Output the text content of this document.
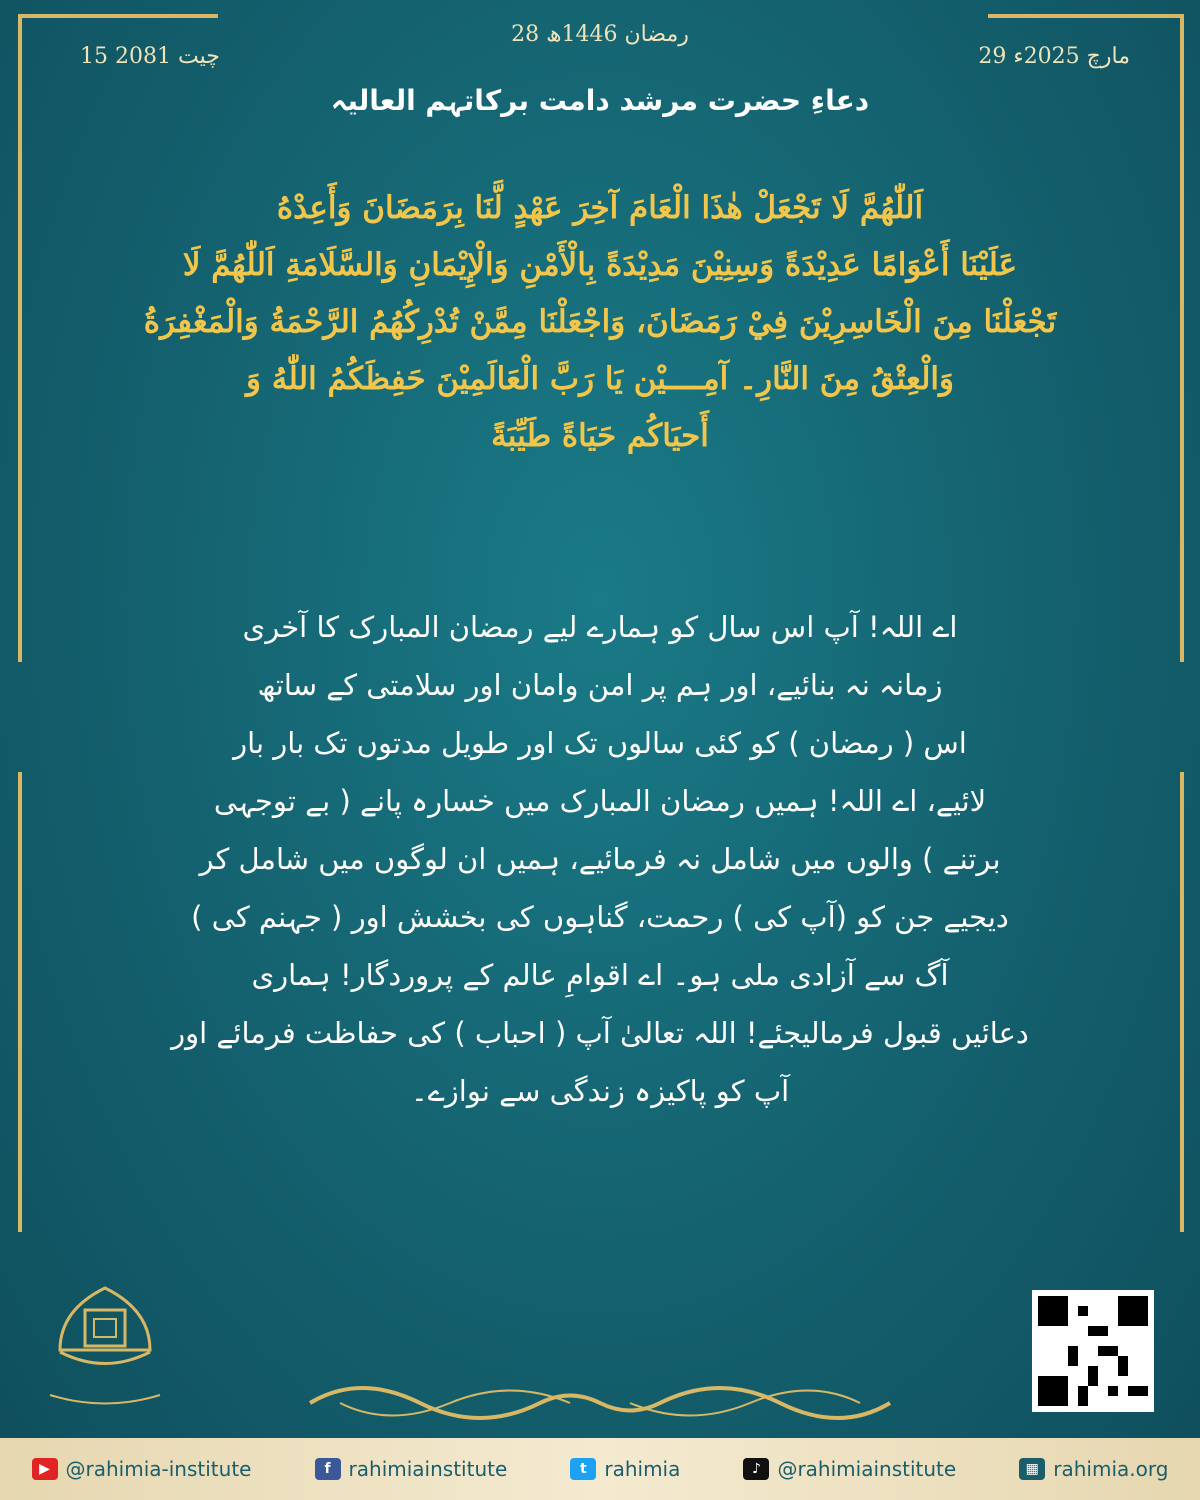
15 چیت 2081
28 رمضان 1446ھ
29 مارچ 2025ء
دعاءِ حضرت مرشد دامت برکاتہم العالیہ
اَللّٰهُمَّ لَا تَجْعَلْ هٰذَا الْعَامَ آخِرَ عَهْدٍ لَّنَا بِرَمَضَانَ وَأَعِدْهُ
عَلَيْنَا أَعْوَامًا عَدِيْدَةً وَسِنِيْنَ مَدِيْدَةً بِالْأَمْنِ وَالْإِيْمَانِ وَالسَّلَامَةِ اَللّٰهُمَّ لَا
تَجْعَلْنَا مِنَ الْخَاسِرِيْنَ فِيْ رَمَضَانَ، وَاجْعَلْنَا مِمَّنْ تُدْرِكُهُمُ الرَّحْمَةُ وَالْمَغْفِرَةُ
وَالْعِتْقُ مِنَ النَّارِ۔ آمِــــيْن يَا رَبَّ الْعَالَمِيْنَ حَفِظَكُمُ اللّٰهُ وَ
أَحيَاكُم حَيَاةً طَيِّبَةً
اے اللہ! آپ اس سال کو ہمارے لیے رمضان المبارک کا آخری
زمانہ نہ بنائیے، اور ہم پر امن وامان اور سلامتی کے ساتھ
اس ( رمضان ) کو کئی سالوں تک اور طویل مدتوں تک بار بار
لائیے، اے اللہ! ہمیں رمضان المبارک میں خسارہ پانے ( بے توجہی
برتنے ) والوں میں شامل نہ فرمائیے، ہمیں ان لوگوں میں شامل کر
دیجیے جن کو (آپ کی ) رحمت، گناہوں کی بخشش اور ( جہنم کی )
آگ سے آزادی ملی ہو۔ اے اقوامِ عالم کے پروردگار! ہماری
دعائیں قبول فرمالیجئے! اللہ تعالیٰ آپ ( احباب ) کی حفاظت فرمائے اور
آپ کو پاکیزہ زندگی سے نوازے۔
▶ @rahimia-institute	f rahimiainstitute	t rahimia	♪ @rahimiainstitute	▦ rahimia.org
